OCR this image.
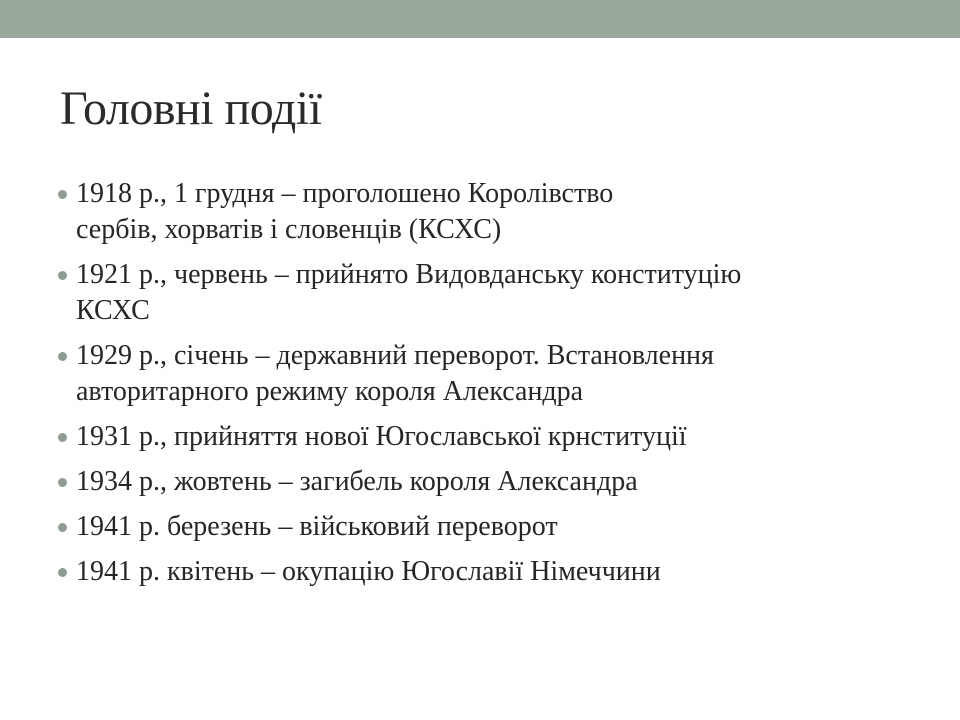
Головні події
1918 р., 1 грудня – проголошено Королівство
сербів, хорватів і словенців (КСХС)
1921 р., червень – прийнято Видовданську конституцію
КСХС
1929 р., січень – державний переворот. Встановлення
авторитарного режиму короля Александра
1931 р., прийняття нової Югославської крнституції
1934 р., жовтень – загибель короля Александра
1941 р. березень – військовий переворот
1941 р. квітень – окупацію Югославії Німеччини
